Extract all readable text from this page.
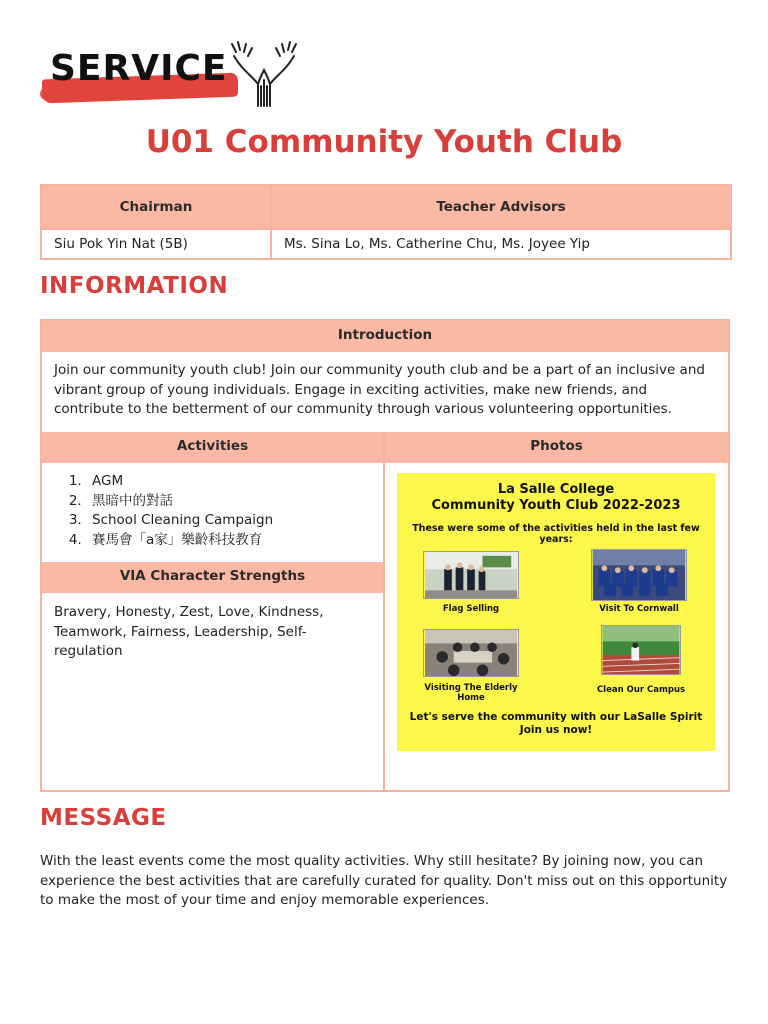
SERVICE
U01 Community Youth Club
Chairman	Teacher Advisors
Siu Pok Yin Nat (5B)	Ms. Sina Lo, Ms. Catherine Chu, Ms. Joyee Yip
INFORMATION
Introduction
Join our community youth club! Join our community youth club and be a part of an inclusive and vibrant group of young individuals. Engage in exciting activities, make new friends, and contribute to the betterment of our community through various volunteering opportunities.
Activities	Photos
1. AGM
2. 黑暗中的對話
3. School Cleaning Campaign
4. 賽馬會「a家」樂齡科技教育
VIA Character Strengths
Bravery, Honesty, Zest, Love, Kindness, Teamwork, Fairness, Leadership, Self-regulation
La Salle College
Community Youth Club 2022-2023
These were some of the activities held in the last few years:
Flag Selling	Visit To Cornwall
Visiting The Elderly Home
Clean Our Campus
Let's serve the community with our LaSalle Spirit
Join us now!
MESSAGE

With the least events come the most quality activities. Why still hesitate? By joining now, you can experience the best activities that are carefully curated for quality. Don't miss out on this opportunity to make the most of your time and enjoy memorable experiences.
